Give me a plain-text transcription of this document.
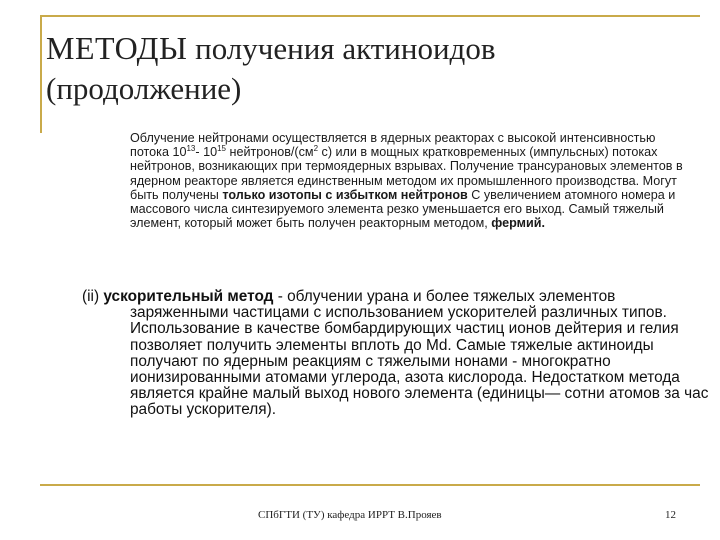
МЕТОДЫ получения актиноидов
(продолжение)
Облучение нейтронами осуществляется в ядерных реакторах с высокой интенсивностью потока $10^{13}-$ $10^{15}$ нейтронов/($см^2$ с) или в мощных кратковременных (импульсных) потоках нейтронов, возникающих при термоядерных взрывах. Получение трансурановых элементов в ядерном реакторе является единственным методом их промышленного производства. Могут быть получены только изотопы с избытком нейтронов С увеличением атомного номера и массового числа синтезируемого элемента резко уменьшается его выход. Самый тяжелый элемент, который может быть получен реакторным методом, фермий.
(ii) ускорительный метод - облучении урана и более тяжелых элементов заряженными частицами с использованием ускорителей различных типов. Использование в качестве бомбардирующих частиц ионов дейтерия и гелия позволяет получить элементы вплоть до Md. Самые тяжелые актиноиды получают по ядерным реакциям с тяжелыми нонами - многократно ионизированными атомами углерода, азота кислорода. Недостатком метода является крайне малый выход нового элемента (единицы— сотни атомов за час работы ускорителя).
СПбГТИ (ТУ) кафедра ИРРТ В.Прояев	12
